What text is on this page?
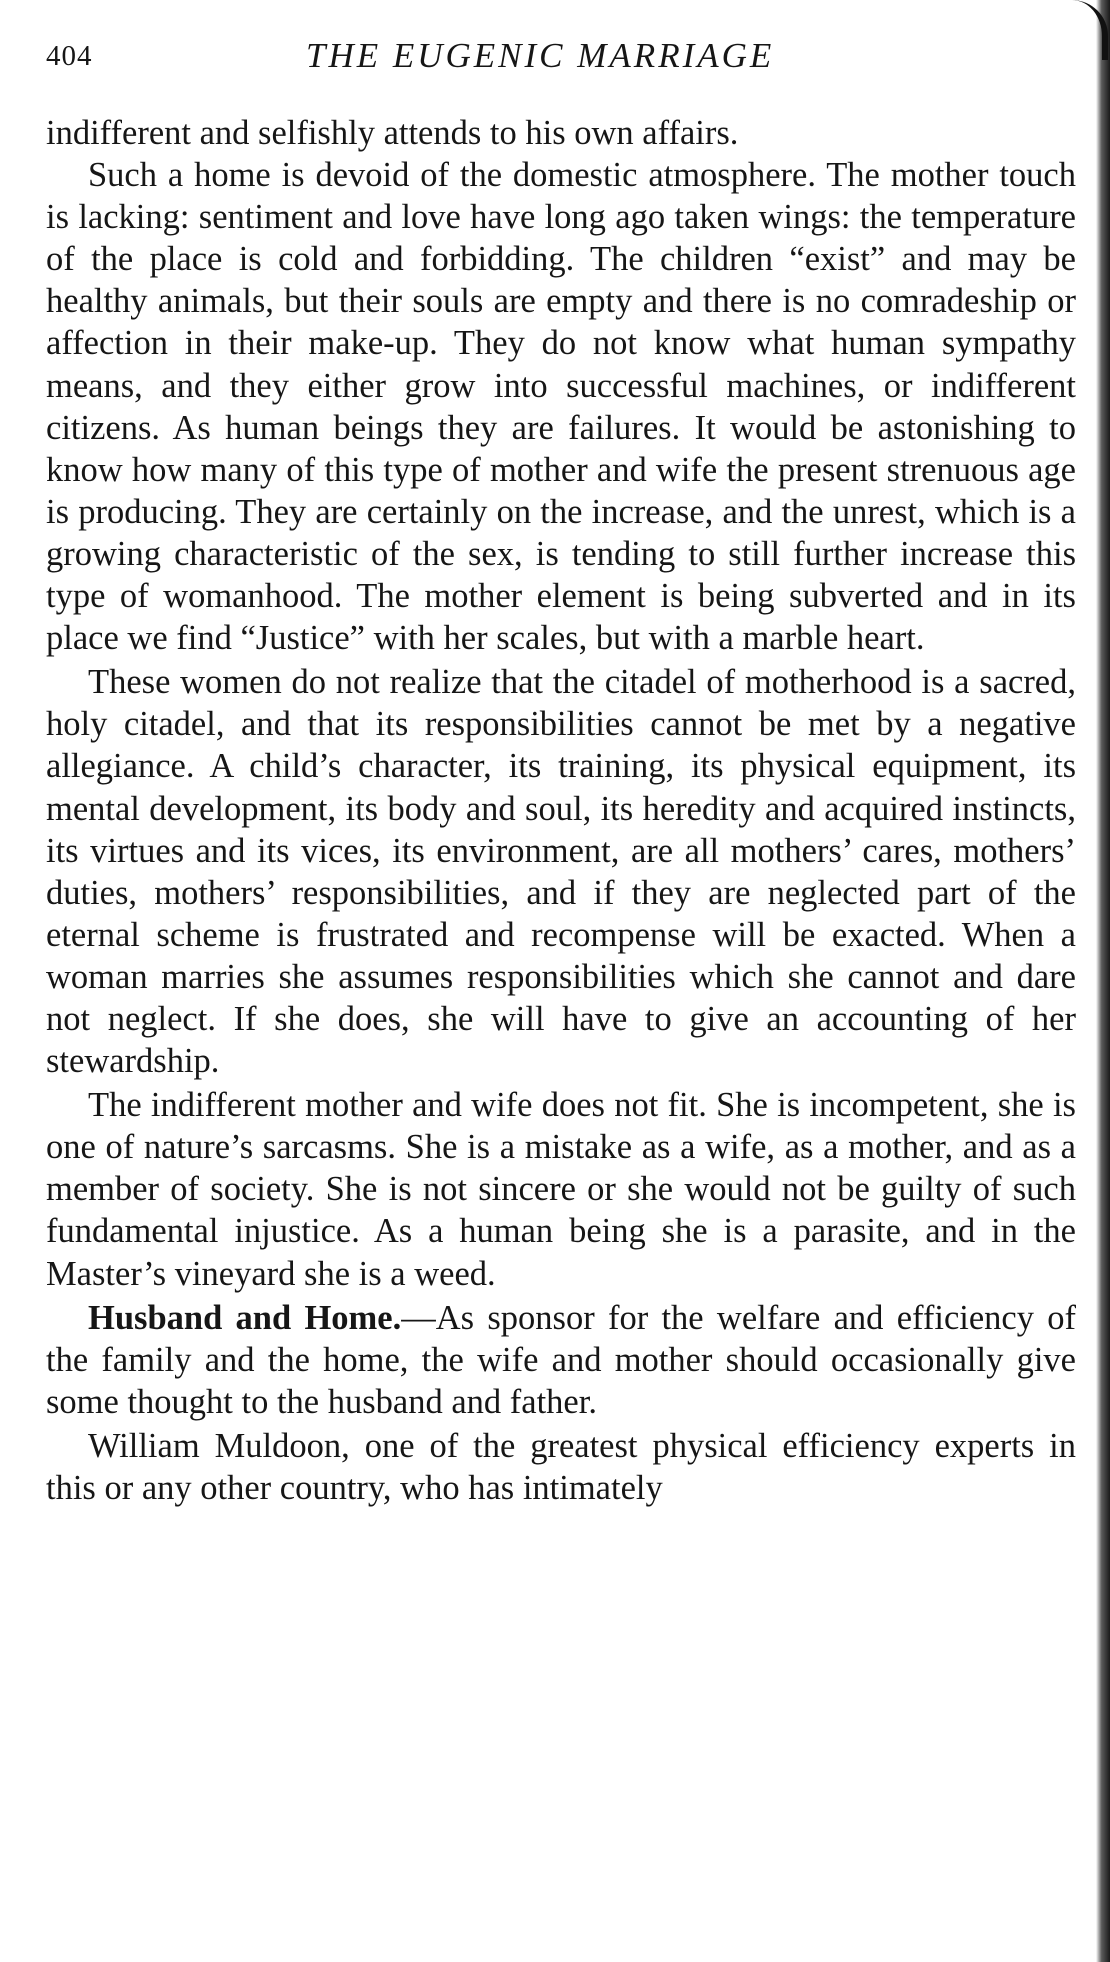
404	THE EUGENIC MARRIAGE

indifferent and selfishly attends to his own affairs.

Such a home is devoid of the domestic atmosphere. The mother touch is lacking: sentiment and love have long ago taken wings: the temperature of the place is cold and forbidding. The children “exist” and may be healthy animals, but their souls are empty and there is no comradeship or affection in their make-up. They do not know what human sympathy means, and they either grow into successful machines, or indifferent citizens. As human beings they are failures. It would be astonishing to know how many of this type of mother and wife the present strenuous age is producing. They are certainly on the increase, and the unrest, which is a growing characteristic of the sex, is tending to still further increase this type of womanhood. The mother element is being subverted and in its place we find “Justice” with her scales, but with a marble heart.

These women do not realize that the citadel of motherhood is a sacred, holy citadel, and that its responsibilities cannot be met by a negative allegiance. A child’s character, its training, its physical equipment, its mental development, its body and soul, its heredity and acquired instincts, its virtues and its vices, its environment, are all mothers’ cares, mothers’ duties, mothers’ responsibilities, and if they are neglected part of the eternal scheme is frustrated and recompense will be exacted. When a woman marries she assumes responsibilities which she cannot and dare not neglect. If she does, she will have to give an accounting of her stewardship.

The indifferent mother and wife does not fit. She is incompetent, she is one of nature’s sarcasms. She is a mistake as a wife, as a mother, and as a member of society. She is not sincere or she would not be guilty of such fundamental injustice. As a human being she is a parasite, and in the Master’s vineyard she is a weed.

Husband and Home.—As sponsor for the welfare and efficiency of the family and the home, the wife and mother should occasionally give some thought to the husband and father.

William Muldoon, one of the greatest physical efficiency experts in this or any other country, who has intimately
